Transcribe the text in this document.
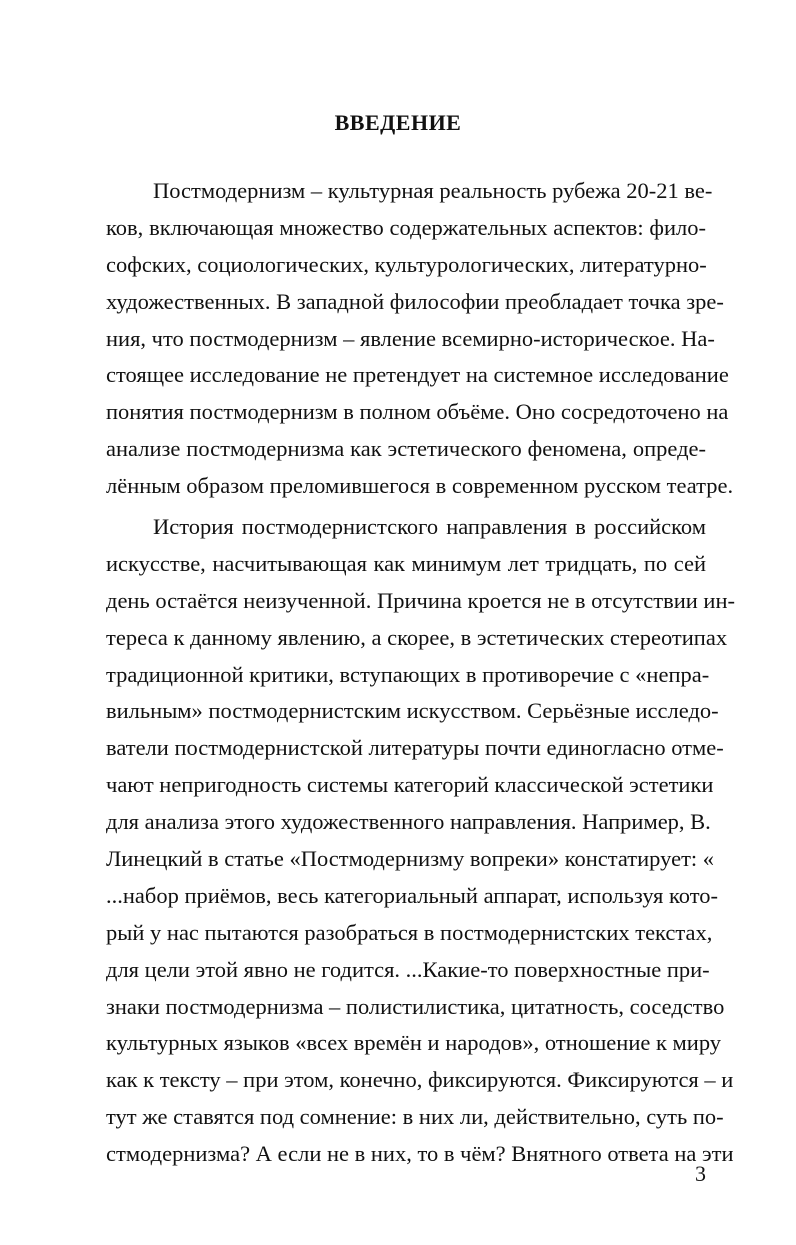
ВВЕДЕНИЕ
Постмодернизм – культурная реальность рубежа 20-21 ве-
ков, включающая множество содержательных аспектов: фило-
софских, социологических, культурологических, литературно-
художественных. В западной философии преобладает точка зре-
ния, что постмодернизм – явление всемирно-историческое. На-
стоящее исследование не претендует на системное исследование
понятия постмодернизм в полном объёме. Оно сосредоточено на
анализе постмодернизма как эстетического феномена, опреде-
лённым образом преломившегося в современном русском театре.
История постмодернистского направления в российском
искусстве, насчитывающая как минимум лет тридцать, по сей
день остаётся неизученной. Причина кроется не в отсутствии ин-
тереса к данному явлению, а скорее, в эстетических стереотипах
традиционной критики, вступающих в противоречие с «непра-
вильным» постмодернистским искусством. Серьёзные исследо-
ватели постмодернистской литературы почти единогласно отме-
чают непригодность системы категорий классической эстетики
для анализа этого художественного направления. Например, В.
Линецкий в статье «Постмодернизму вопреки» констатирует: «
...набор приёмов, весь категориальный аппарат, используя кото-
рый у нас пытаются разобраться в постмодернистских текстах,
для цели этой явно не годится. ...Какие-то поверхностные при-
знаки постмодернизма – полистилистика, цитатность, соседство
культурных языков «всех времён и народов», отношение к миру
как к тексту – при этом, конечно, фиксируются. Фиксируются – и
тут же ставятся под сомнение: в них ли, действительно, суть по-
стмодернизма? А если не в них, то в чём? Внятного ответа на эти
3
